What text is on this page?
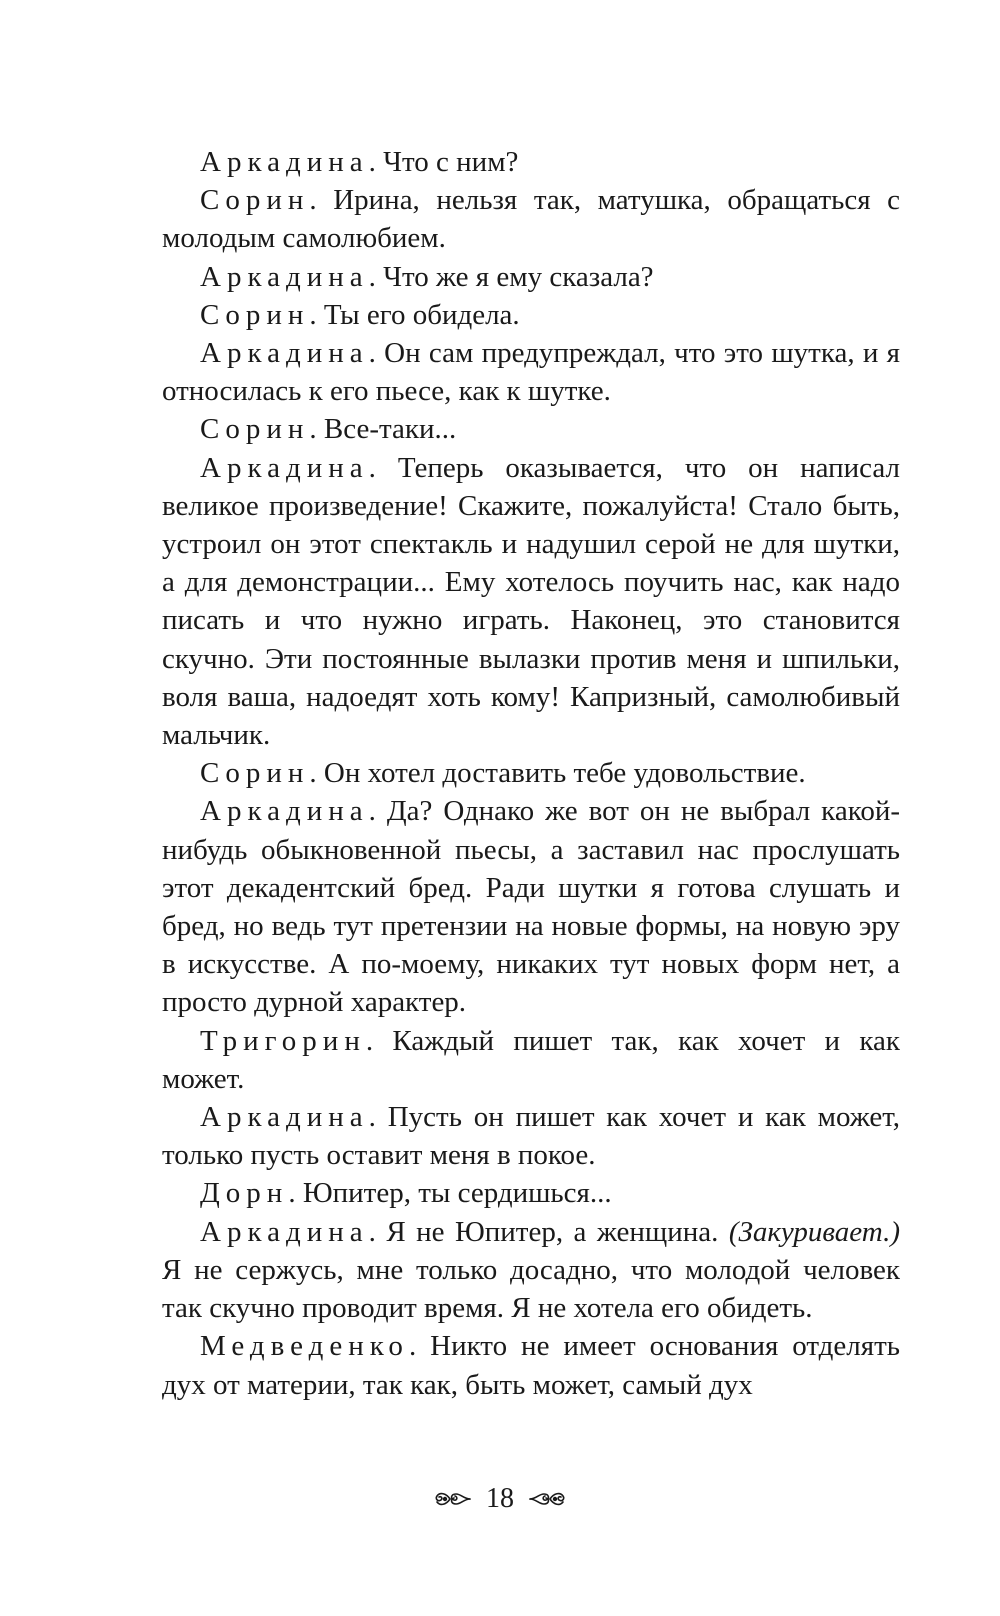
Аркадина. Что с ним?

Сорин. Ирина, нельзя так, матушка, обращаться с молодым самолюбием.

Аркадина. Что же я ему сказала?

Сорин. Ты его обидела.

Аркадина. Он сам предупреждал, что это шутка, и я относилась к его пьесе, как к шутке.

Сорин. Все-таки...

Аркадина. Теперь оказывается, что он написал великое произведение! Скажите, пожалуйста! Стало быть, устроил он этот спектакль и надушил серой не для шутки, а для демонстрации... Ему хотелось поучить нас, как надо писать и что нужно играть. Наконец, это становится скучно. Эти постоянные вылазки против меня и шпильки, воля ваша, надоедят хоть кому! Капризный, самолюбивый мальчик.

Сорин. Он хотел доставить тебе удовольствие.

Аркадина. Да? Однако же вот он не выбрал какой-нибудь обыкновенной пьесы, а заставил нас прослушать этот декадентский бред. Ради шутки я готова слушать и бред, но ведь тут претензии на новые формы, на новую эру в искусстве. А по-моему, никаких тут новых форм нет, а просто дурной характер.

Тригорин. Каждый пишет так, как хочет и как может.

Аркадина. Пусть он пишет как хочет и как может, только пусть оставит меня в покое.

Дорн. Юпитер, ты сердишься...

Аркадина. Я не Юпитер, а женщина. (Закуривает.) Я не сержусь, мне только досадно, что молодой человек так скучно проводит время. Я не хотела его обидеть.

Медведенко. Никто не имеет основания отделять дух от материи, так как, быть может, самый дух

18
